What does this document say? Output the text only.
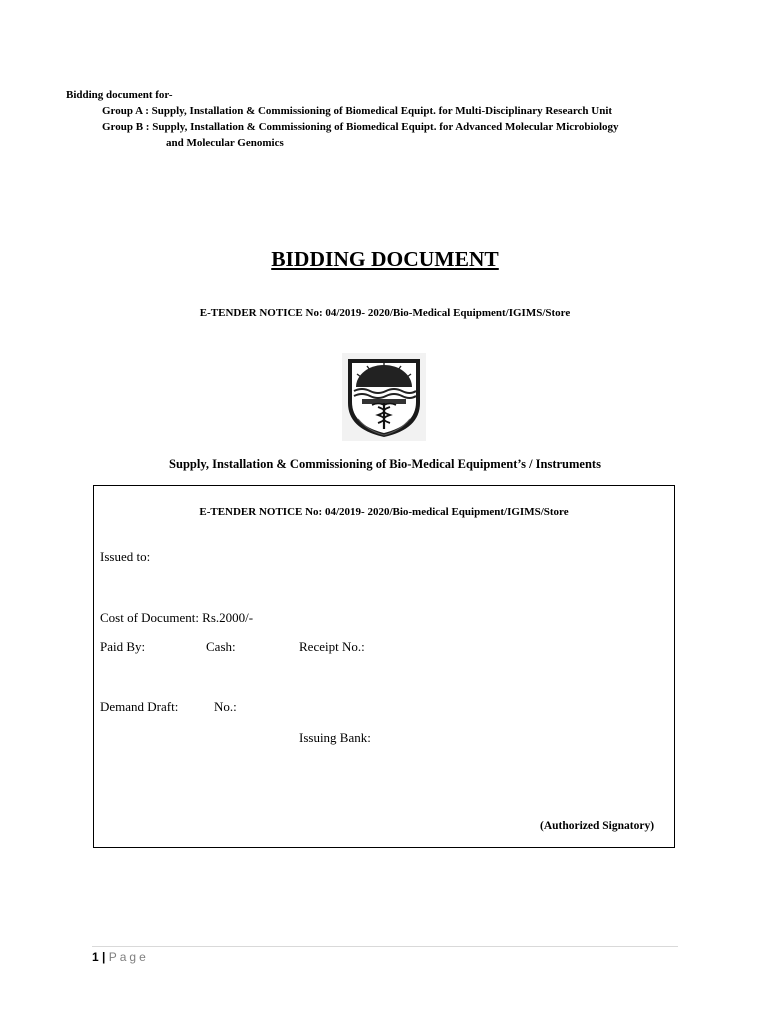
Bidding document for-
Group A : Supply, Installation & Commissioning of Biomedical Equipt. for Multi-Disciplinary Research Unit
Group B : Supply, Installation & Commissioning of Biomedical Equipt. for Advanced Molecular Microbiology
and Molecular Genomics
BIDDING DOCUMENT
E-TENDER NOTICE No: 04/2019- 2020/Bio-Medical Equipment/IGIMS/Store
Supply, Installation & Commissioning of Bio-Medical Equipment’s / Instruments
E-TENDER NOTICE No: 04/2019- 2020/Bio-medical Equipment/IGIMS/Store
Issued to:
Cost of Document: Rs.2000/-
Paid By:	Cash:	Receipt No.:
Demand Draft:	No.:
Issuing Bank:
(Authorized Signatory)
1 | Page
